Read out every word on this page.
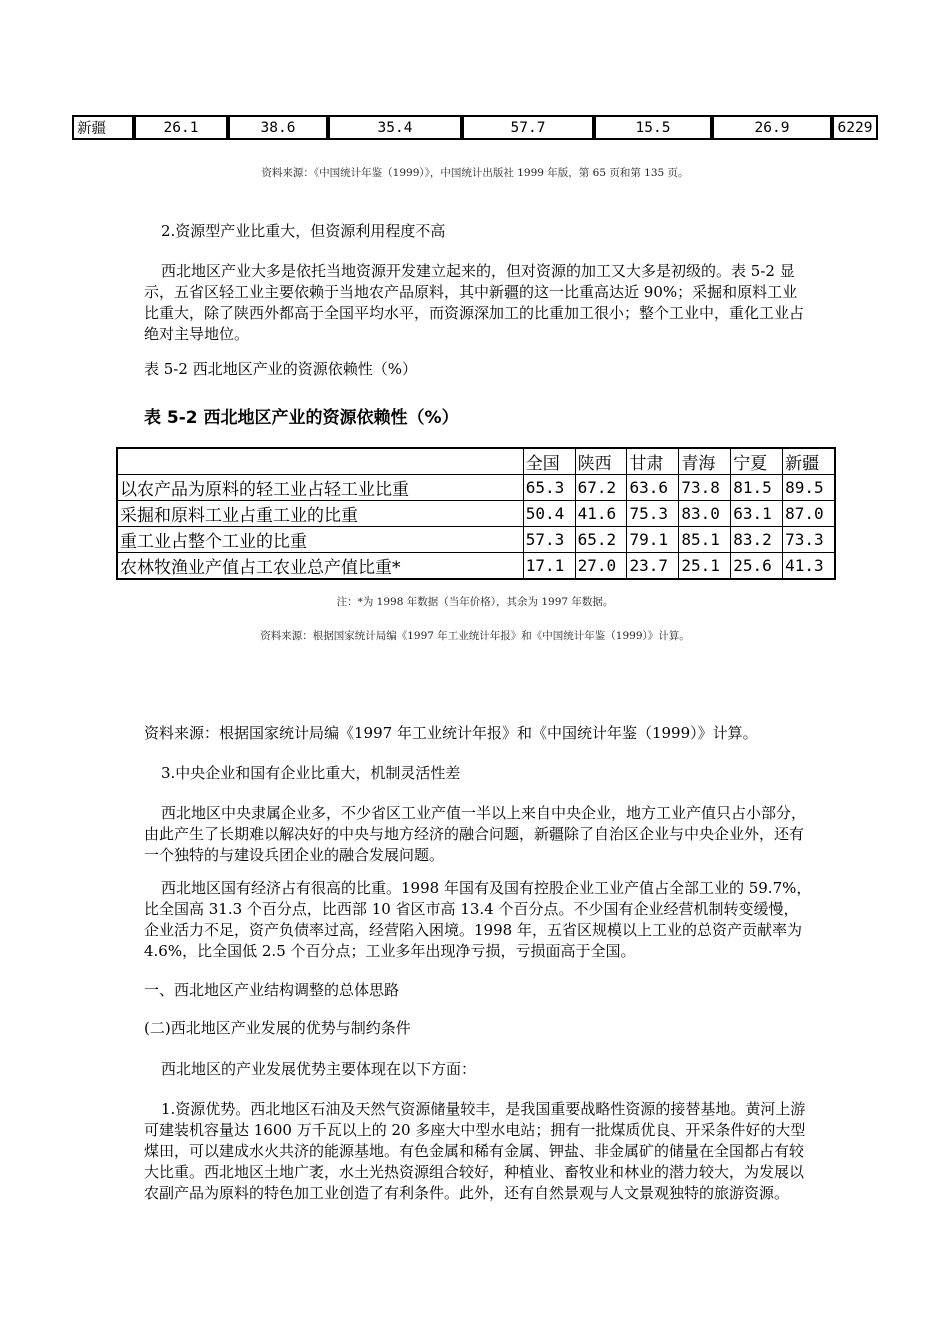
新疆	26.1	38.6	35.4	57.7	15.5	26.9	6229
资料来源：《中国统计年鉴（1999）》，中国统计出版社 1999 年版，第 65 页和第 135 页。
2.资源型产业比重大，但资源利用程度不高
西北地区产业大多是依托当地资源开发建立起来的，但对资源的加工又大多是初级的。表 5-2 显示，五省区轻工业主要依赖于当地农产品原料，其中新疆的这一比重高达近 90%；采掘和原料工业比重大，除了陕西外都高于全国平均水平，而资源深加工的比重加工很小；整个工业中，重化工业占绝对主导地位。
表 5-2 西北地区产业的资源依赖性（%）
表 5-2 西北地区产业的资源依赖性（%）
	全国	陕西	甘肃	青海	宁夏	新疆
以农产品为原料的轻工业占轻工业比重	65.3	67.2	63.6	73.8	81.5	89.5
采掘和原料工业占重工业的比重	50.4	41.6	75.3	83.0	63.1	87.0
重工业占整个工业的比重	57.3	65.2	79.1	85.1	83.2	73.3
农林牧渔业产值占工农业总产值比重*	17.1	27.0	23.7	25.1	25.6	41.3
注：*为 1998 年数据（当年价格），其余为 1997 年数据。
资料来源：根据国家统计局编《1997 年工业统计年报》和《中国统计年鉴（1999）》计算。
资料来源：根据国家统计局编《1997 年工业统计年报》和《中国统计年鉴（1999）》计算。
3.中央企业和国有企业比重大，机制灵活性差
西北地区中央隶属企业多，不少省区工业产值一半以上来自中央企业，地方工业产值只占小部分，由此产生了长期难以解决好的中央与地方经济的融合问题，新疆除了自治区企业与中央企业外，还有一个独特的与建设兵团企业的融合发展问题。
西北地区国有经济占有很高的比重。1998 年国有及国有控股企业工业产值占全部工业的 59.7%，比全国高 31.3 个百分点，比西部 10 省区市高 13.4 个百分点。不少国有企业经营机制转变缓慢，企业活力不足，资产负债率过高，经营陷入困境。1998 年，五省区规模以上工业的总资产贡献率为 4.6%，比全国低 2.5 个百分点；工业多年出现净亏损，亏损面高于全国。
一、西北地区产业结构调整的总体思路
(二)西北地区产业发展的优势与制约条件
西北地区的产业发展优势主要体现在以下方面：
1.资源优势。西北地区石油及天然气资源储量较丰，是我国重要战略性资源的接替基地。黄河上游可建装机容量达 1600 万千瓦以上的 20 多座大中型水电站；拥有一批煤质优良、开采条件好的大型煤田，可以建成水火共济的能源基地。有色金属和稀有金属、钾盐、非金属矿的储量在全国都占有较大比重。西北地区土地广袤，水土光热资源组合较好，种植业、畜牧业和林业的潜力较大，为发展以农副产品为原料的特色加工业创造了有利条件。此外，还有自然景观与人文景观独特的旅游资源。
